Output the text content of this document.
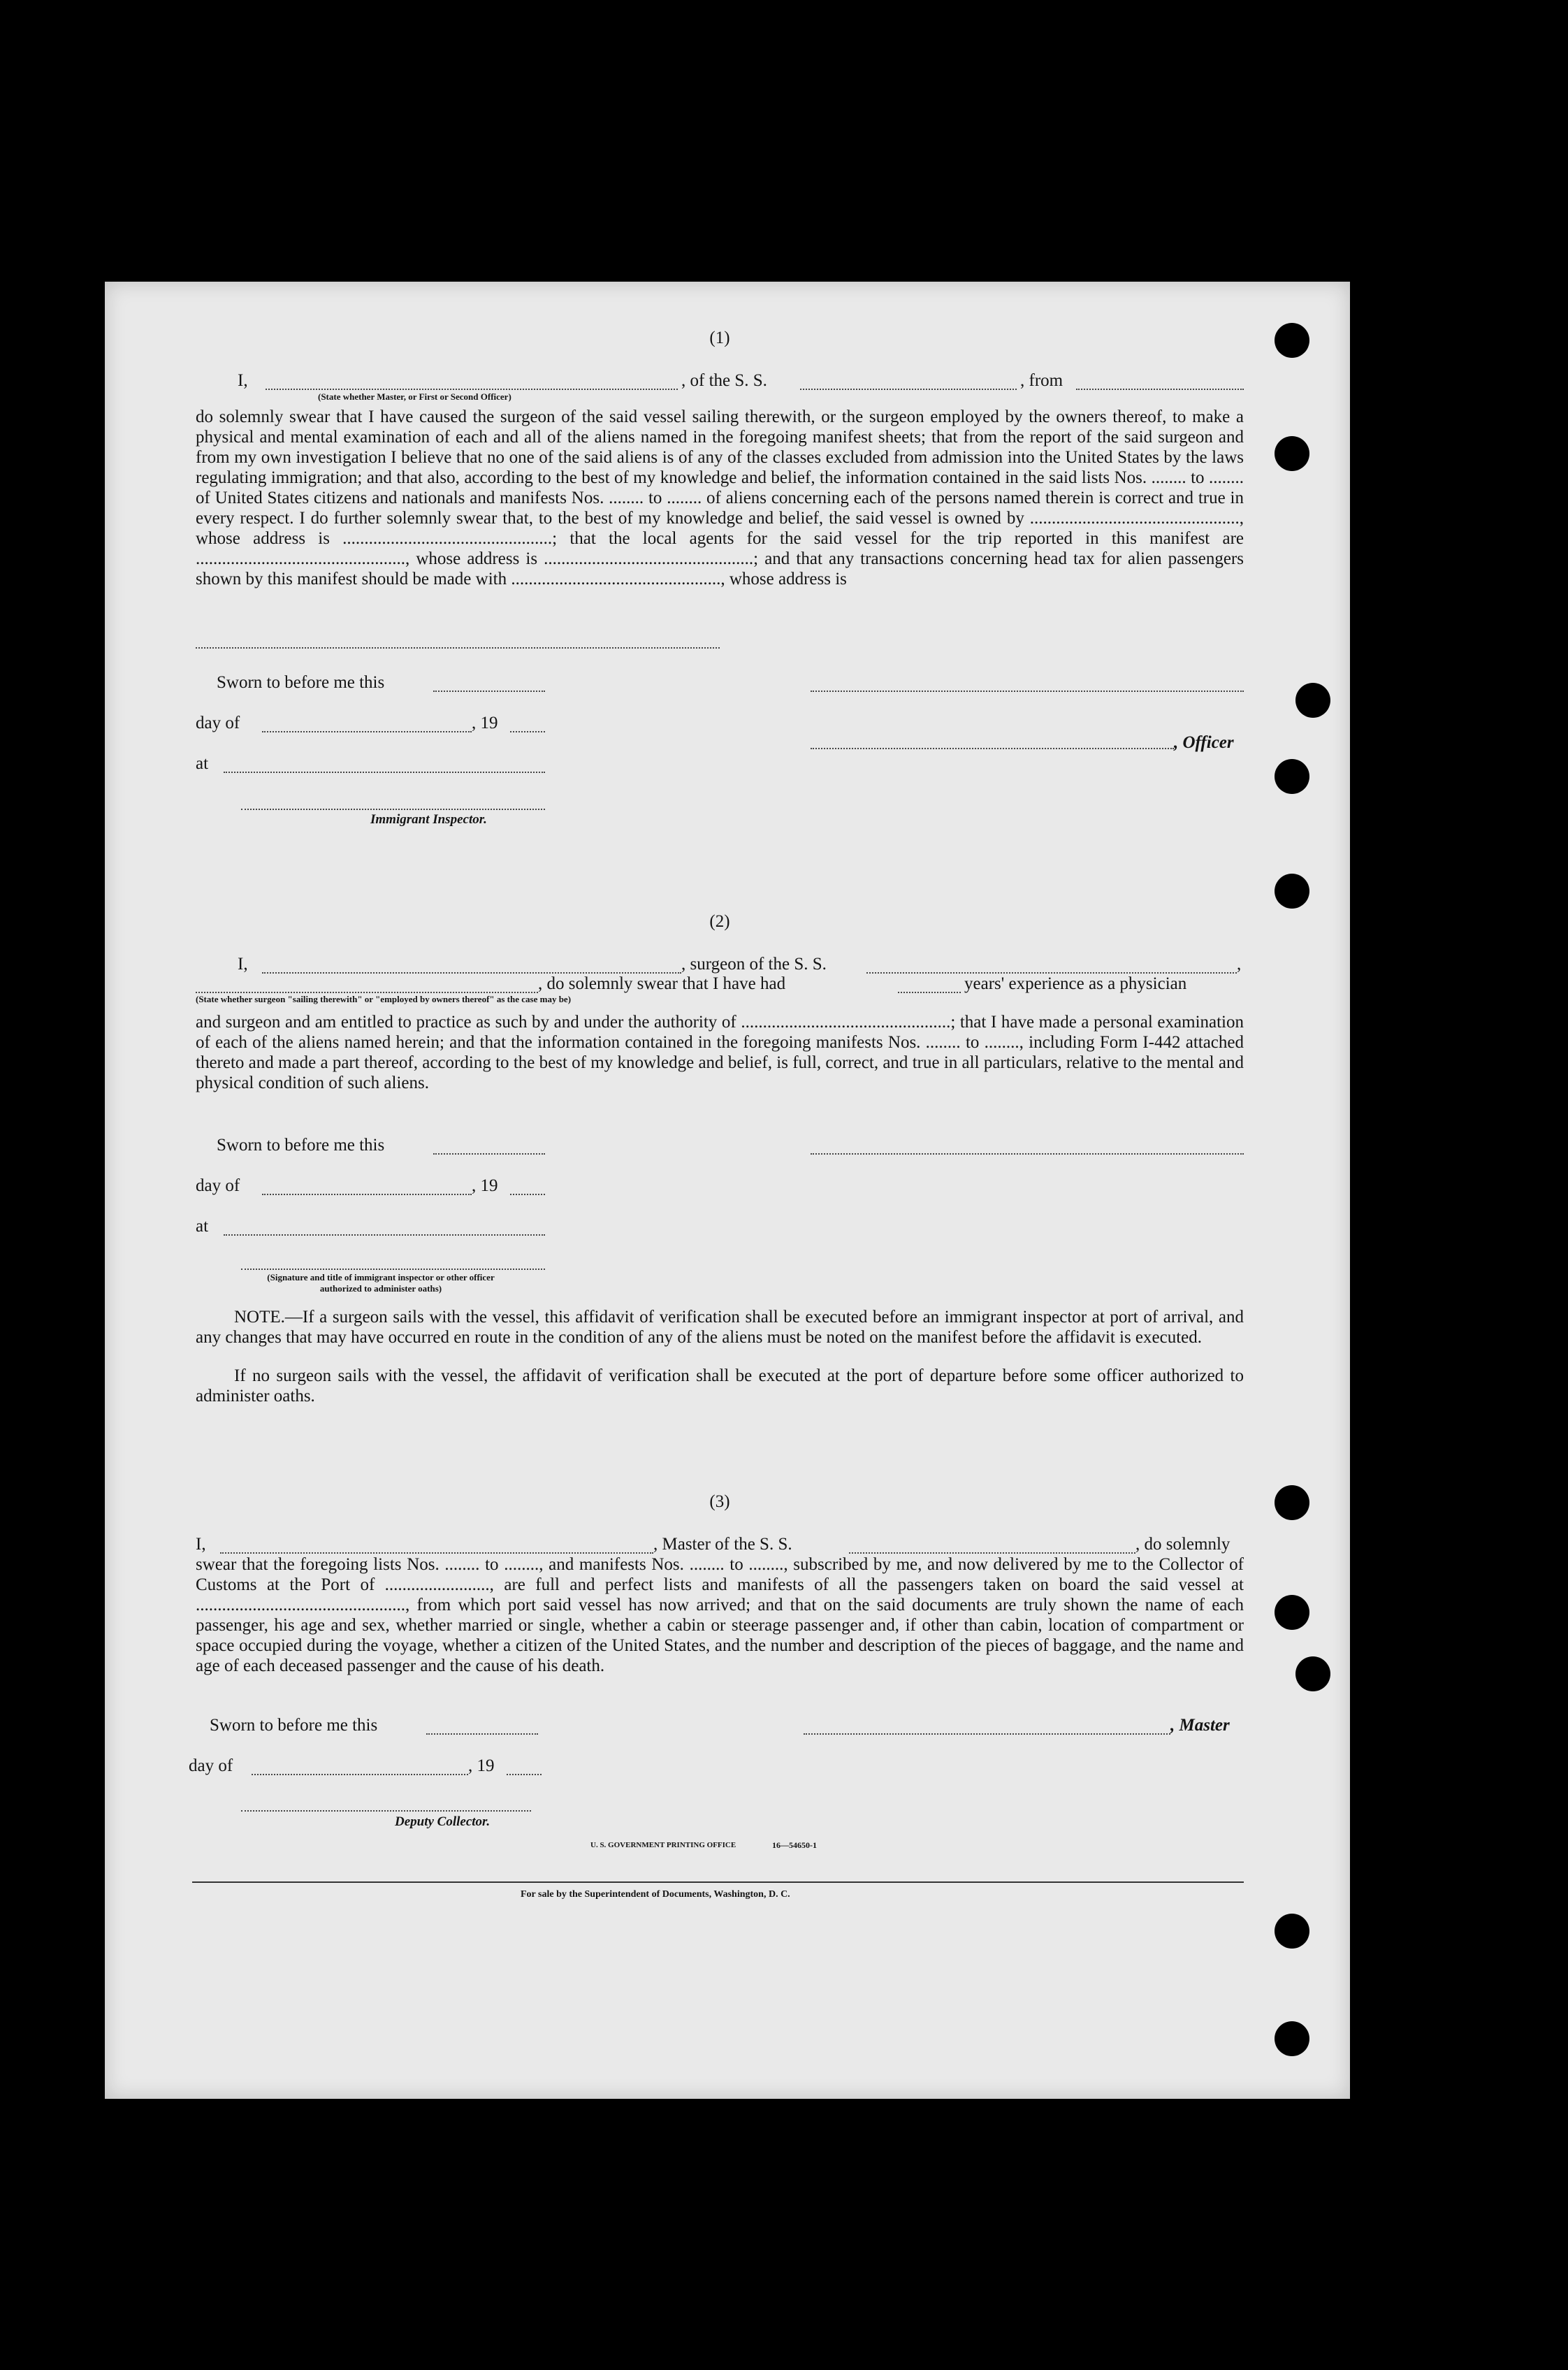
(1)
I,	, of the S. S.	, from
(State whether Master, or First or Second Officer)
do solemnly swear that I have caused the surgeon of the said vessel sailing therewith, or the surgeon employed by the owners thereof, to make a physical and mental examination of each and all of the aliens named in the foregoing manifest sheets; that from the report of the said surgeon and from my own investigation I believe that no one of the said aliens is of any of the classes excluded from admission into the United States by the laws regulating immigration; and that also, according to the best of my knowledge and belief, the information contained in the said lists Nos. ........ to ........ of United States citizens and nationals and manifests Nos. ........ to ........ of aliens concerning each of the persons named therein is correct and true in every respect. I do further solemnly swear that, to the best of my knowledge and belief, the said vessel is owned by ................................................, whose address is ................................................; that the local agents for the said vessel for the trip reported in this manifest are ................................................, whose address is ................................................; and that any transactions concerning head tax for alien passengers shown by this manifest should be made with ................................................, whose address is
Sworn to before me this
day of	, 19
, Officer
at
Immigrant Inspector.
(2)
I,	, surgeon of the S. S.	,
, do solemnly swear that I have had	years' experience as a physician
(State whether surgeon "sailing therewith" or "employed by owners thereof" as the case may be)
and surgeon and am entitled to practice as such by and under the authority of ................................................; that I have made a personal examination of each of the aliens named herein; and that the information contained in the foregoing manifests Nos. ........ to ........, including Form I-442 attached thereto and made a part thereof, according to the best of my knowledge and belief, is full, correct, and true in all particulars, relative to the mental and physical condition of such aliens.
Sworn to before me this
day of	, 19
at
(Signature and title of immigrant inspector or other officer authorized to administer oaths)
NOTE.—If a surgeon sails with the vessel, this affidavit of verification shall be executed before an immigrant inspector at port of arrival, and any changes that may have occurred en route in the condition of any of the aliens must be noted on the manifest before the affidavit is executed.
If no surgeon sails with the vessel, the affidavit of verification shall be executed at the port of departure before some officer authorized to administer oaths.
(3)
I,	, Master of the S. S.	, do solemnly
swear that the foregoing lists Nos. ........ to ........, and manifests Nos. ........ to ........, subscribed by me, and now delivered by me to the Collector of Customs at the Port of ........................, are full and perfect lists and manifests of all the passengers taken on board the said vessel at ................................................, from which port said vessel has now arrived; and that on the said documents are truly shown the name of each passenger, his age and sex, whether married or single, whether a cabin or steerage passenger and, if other than cabin, location of compartment or space occupied during the voyage, whether a citizen of the United States, and the number and description of the pieces of baggage, and the name and age of each deceased passenger and the cause of his death.
Sworn to before me this	, Master
day of	, 19
Deputy Collector.
U. S. GOVERNMENT PRINTING OFFICE	16—54650-1
For sale by the Superintendent of Documents, Washington, D. C.
